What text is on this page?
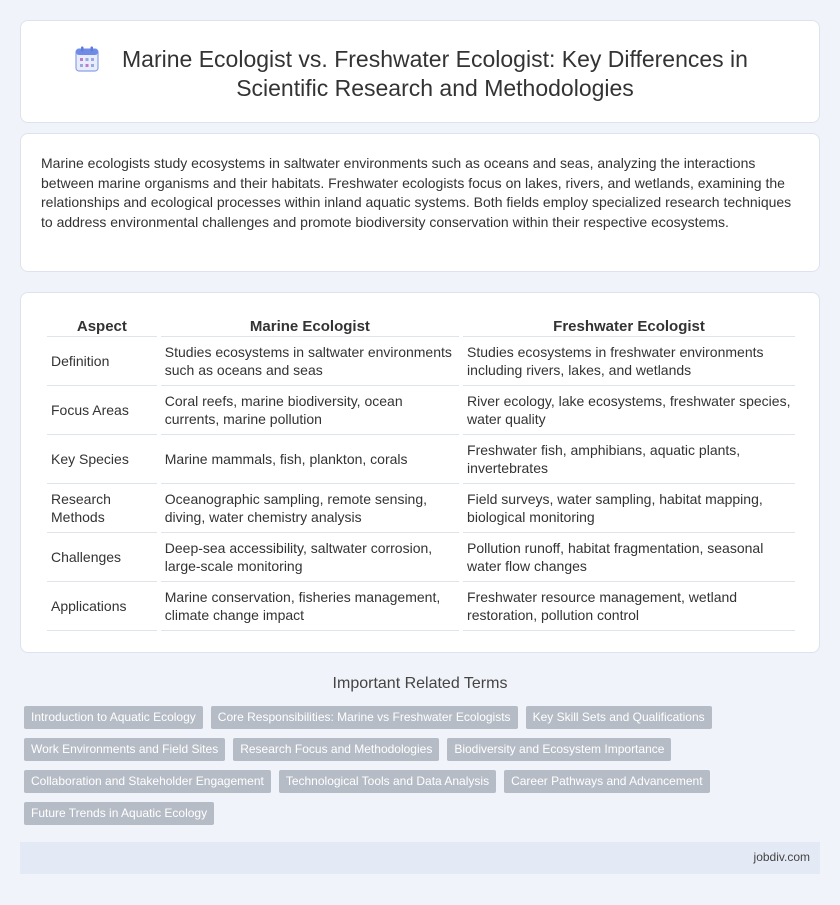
Marine Ecologist vs. Freshwater Ecologist: Key Differences in Scientific Research and Methodologies

Marine ecologists study ecosystems in saltwater environments such as oceans and seas, analyzing the interactions between marine organisms and their habitats. Freshwater ecologists focus on lakes, rivers, and wetlands, examining the relationships and ecological processes within inland aquatic systems. Both fields employ specialized research techniques to address environmental challenges and promote biodiversity conservation within their respective ecosystems.

Aspect	Marine Ecologist	Freshwater Ecologist
Definition	Studies ecosystems in saltwater environments such as oceans and seas	Studies ecosystems in freshwater environments including rivers, lakes, and wetlands
Focus Areas	Coral reefs, marine biodiversity, ocean currents, marine pollution	River ecology, lake ecosystems, freshwater species, water quality
Key Species	Marine mammals, fish, plankton, corals	Freshwater fish, amphibians, aquatic plants, invertebrates
Research Methods	Oceanographic sampling, remote sensing, diving, water chemistry analysis	Field surveys, water sampling, habitat mapping, biological monitoring
Challenges	Deep-sea accessibility, saltwater corrosion, large-scale monitoring	Pollution runoff, habitat fragmentation, seasonal water flow changes
Applications	Marine conservation, fisheries management, climate change impact	Freshwater resource management, wetland restoration, pollution control
Important Related Terms
Introduction to Aquatic Ecology	Core Responsibilities: Marine vs Freshwater Ecologists	Key Skill Sets and Qualifications
Work Environments and Field Sites	Research Focus and Methodologies	Biodiversity and Ecosystem Importance
Collaboration and Stakeholder Engagement	Technological Tools and Data Analysis	Career Pathways and Advancement
Future Trends in Aquatic Ecology
jobdiv.com
